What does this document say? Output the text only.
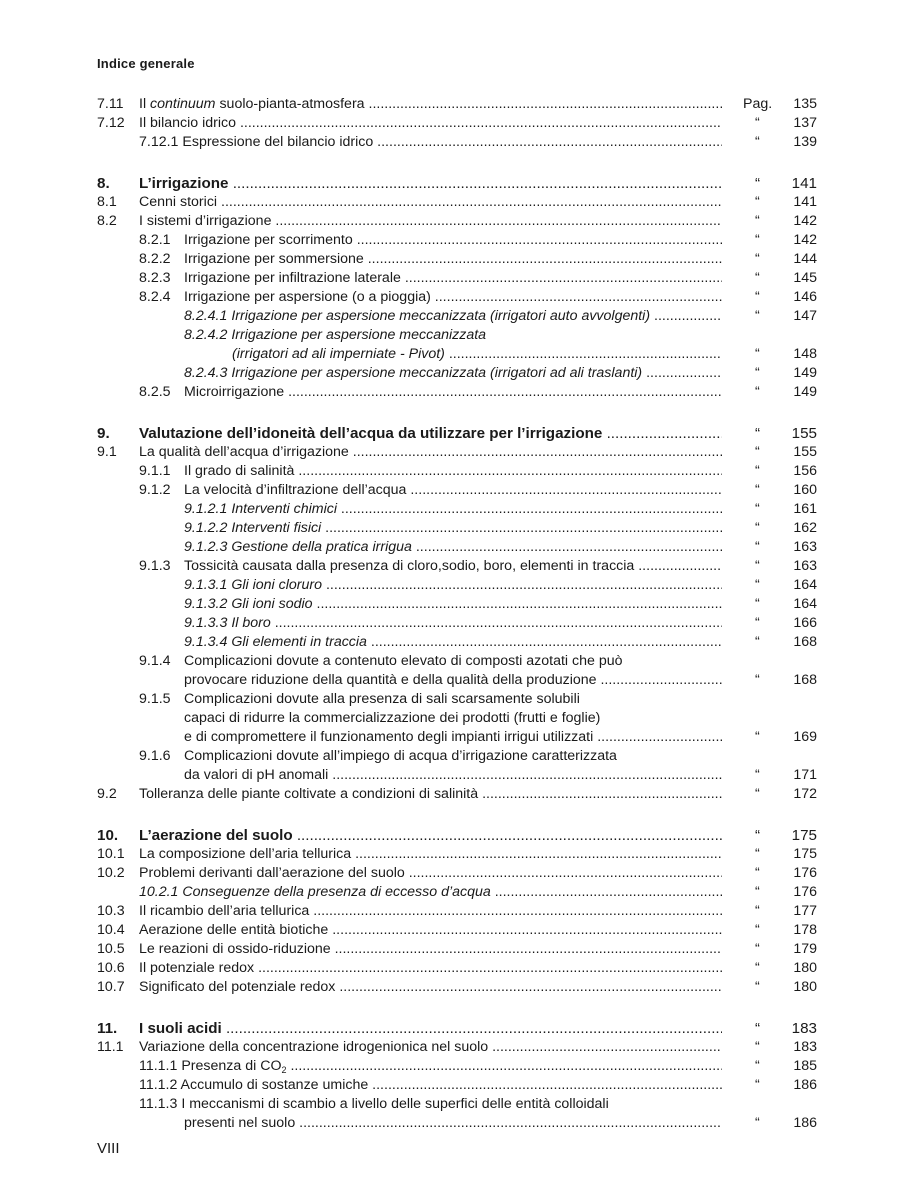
Indice generale
7.11 Il continuum suolo-pianta-atmosfera .....	Pag.	135
7.12 Il bilancio idrico .....	“	137
7.12.1 Espressione del bilancio idrico .....	“	139
8. L’irrigazione .....	“	141
8.1 Cenni storici .....	“	141
8.2 I sistemi d’irrigazione .....	“	142
8.2.1 Irrigazione per scorrimento .....	“	142
8.2.2 Irrigazione per sommersione .....	“	144
8.2.3 Irrigazione per infiltrazione laterale .....	“	145
8.2.4 Irrigazione per aspersione (o a pioggia) .....	“	146
8.2.4.1 Irrigazione per aspersione meccanizzata (irrigatori auto avvolgenti) .....	“	147
8.2.4.2 Irrigazione per aspersione meccanizzata
(irrigatori ad ali imperniate - Pivot) .....	“	148
8.2.4.3 Irrigazione per aspersione meccanizzata (irrigatori ad ali traslanti) .....	“	149
8.2.5 Microirrigazione .....	“	149
9. Valutazione dell’idoneità dell’acqua da utilizzare per l’irrigazione .....	“	155
9.1 La qualità dell’acqua d’irrigazione .....	“	155
9.1.1 Il grado di salinità .....	“	156
9.1.2 La velocità d’infiltrazione dell’acqua .....	“	160
9.1.2.1 Interventi chimici .....	“	161
9.1.2.2 Interventi fisici .....	“	162
9.1.2.3 Gestione della pratica irrigua .....	“	163
9.1.3 Tossicità causata dalla presenza di cloro,sodio, boro, elementi in traccia .....	“	163
9.1.3.1 Gli ioni cloruro .....	“	164
9.1.3.2 Gli ioni sodio .....	“	164
9.1.3.3 Il boro .....	“	166
9.1.3.4 Gli elementi in traccia .....	“	168
9.1.4 Complicazioni dovute a contenuto elevato di composti azotati che può
provocare riduzione della quantità e della qualità della produzione .....	“	168
9.1.5 Complicazioni dovute alla presenza di sali scarsamente solubili
capaci di ridurre la commercializzazione dei prodotti (frutti e foglie)
e di compromettere il funzionamento degli impianti irrigui utilizzati .....	“	169
9.1.6 Complicazioni dovute all’impiego di acqua d’irrigazione caratterizzata
da valori di pH anomali .....	“	171
9.2 Tolleranza delle piante coltivate a condizioni di salinità .....	“	172
10. L’aerazione del suolo .....	“	175
10.1 La composizione dell’aria tellurica .....	“	175
10.2 Problemi derivanti dall’aerazione del suolo .....	“	176
10.2.1 Conseguenze della presenza di eccesso d’acqua .....	“	176
10.3 Il ricambio dell’aria tellurica .....	“	177
10.4 Aerazione delle entità biotiche .....	“	178
10.5 Le reazioni di ossido-riduzione .....	“	179
10.6 Il potenziale redox .....	“	180
10.7 Significato del potenziale redox .....	“	180
11. I suoli acidi .....	“	183
11.1 Variazione della concentrazione idrogenionica nel suolo .....	“	183
11.1.1 Presenza di $CO_2$ .....	“	185
11.1.2 Accumulo di sostanze umiche .....	“	186
11.1.3 I meccanismi di scambio a livello delle superfici delle entità colloidali
presenti nel suolo .....	“	186
VIII
